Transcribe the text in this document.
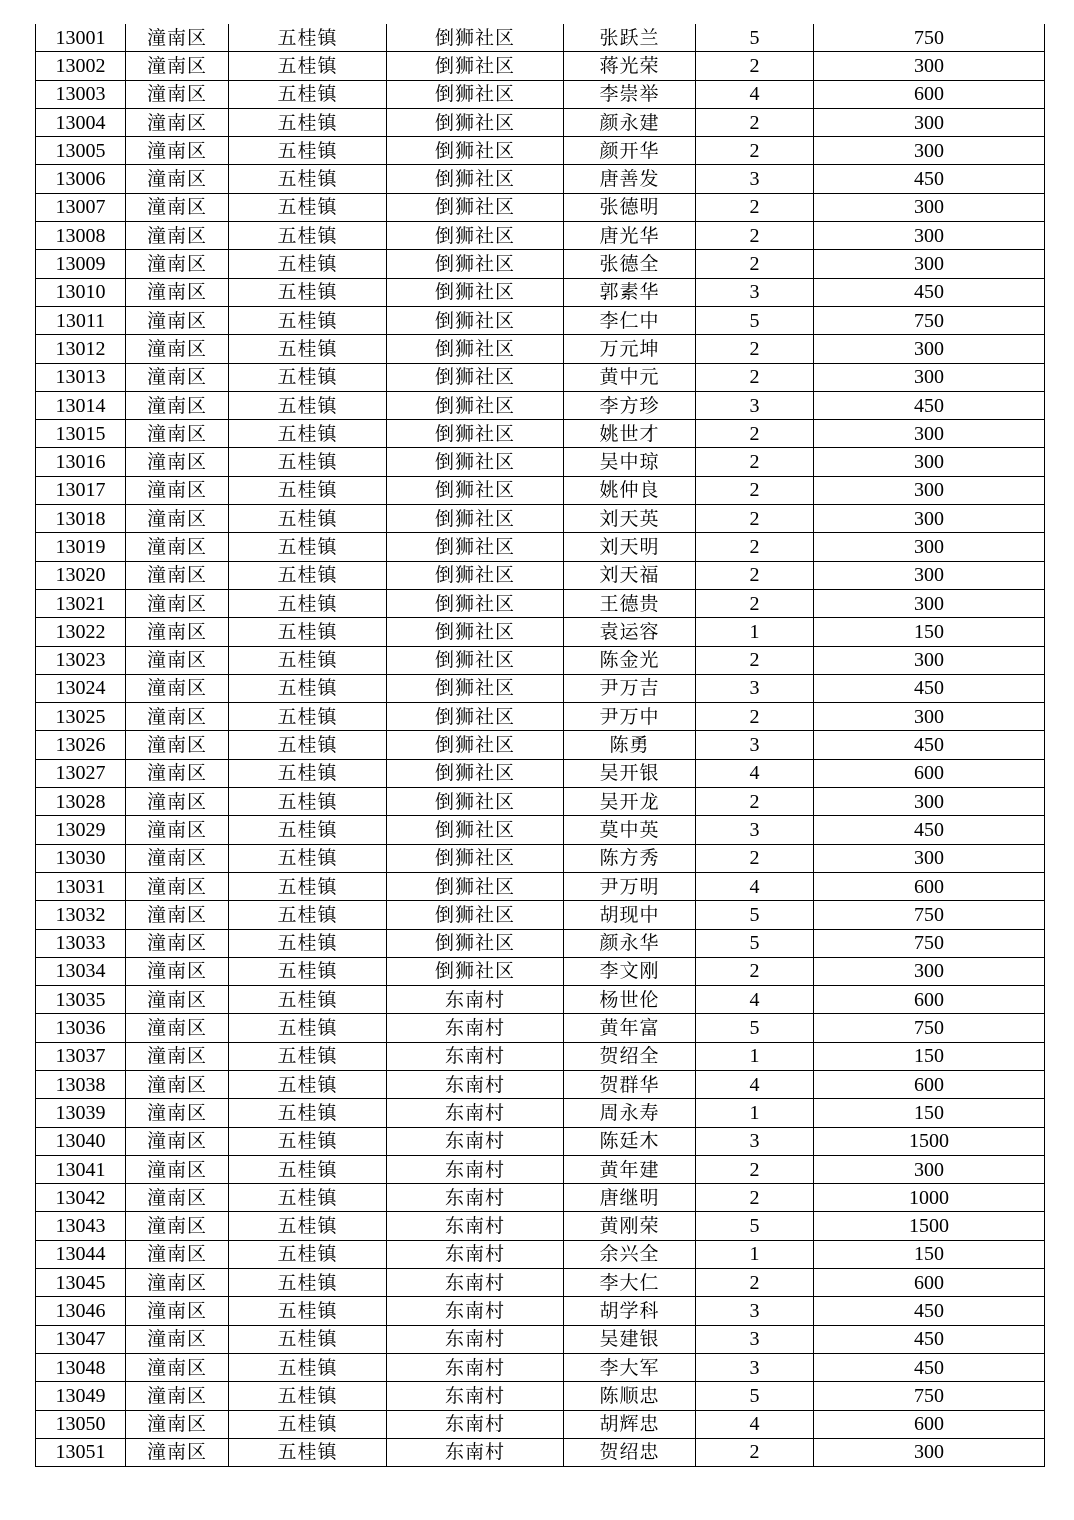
13001	潼南区	五桂镇	倒狮社区	张跃兰	5	750
13002	潼南区	五桂镇	倒狮社区	蒋光荣	2	300
13003	潼南区	五桂镇	倒狮社区	李崇举	4	600
13004	潼南区	五桂镇	倒狮社区	颜永建	2	300
13005	潼南区	五桂镇	倒狮社区	颜开华	2	300
13006	潼南区	五桂镇	倒狮社区	唐善发	3	450
13007	潼南区	五桂镇	倒狮社区	张德明	2	300
13008	潼南区	五桂镇	倒狮社区	唐光华	2	300
13009	潼南区	五桂镇	倒狮社区	张德全	2	300
13010	潼南区	五桂镇	倒狮社区	郭素华	3	450
13011	潼南区	五桂镇	倒狮社区	李仁中	5	750
13012	潼南区	五桂镇	倒狮社区	万元坤	2	300
13013	潼南区	五桂镇	倒狮社区	黄中元	2	300
13014	潼南区	五桂镇	倒狮社区	李方珍	3	450
13015	潼南区	五桂镇	倒狮社区	姚世才	2	300
13016	潼南区	五桂镇	倒狮社区	吴中琼	2	300
13017	潼南区	五桂镇	倒狮社区	姚仲良	2	300
13018	潼南区	五桂镇	倒狮社区	刘天英	2	300
13019	潼南区	五桂镇	倒狮社区	刘天明	2	300
13020	潼南区	五桂镇	倒狮社区	刘天福	2	300
13021	潼南区	五桂镇	倒狮社区	王德贵	2	300
13022	潼南区	五桂镇	倒狮社区	袁运容	1	150
13023	潼南区	五桂镇	倒狮社区	陈金光	2	300
13024	潼南区	五桂镇	倒狮社区	尹万吉	3	450
13025	潼南区	五桂镇	倒狮社区	尹万中	2	300
13026	潼南区	五桂镇	倒狮社区	陈勇	3	450
13027	潼南区	五桂镇	倒狮社区	吴开银	4	600
13028	潼南区	五桂镇	倒狮社区	吴开龙	2	300
13029	潼南区	五桂镇	倒狮社区	莫中英	3	450
13030	潼南区	五桂镇	倒狮社区	陈方秀	2	300
13031	潼南区	五桂镇	倒狮社区	尹万明	4	600
13032	潼南区	五桂镇	倒狮社区	胡现中	5	750
13033	潼南区	五桂镇	倒狮社区	颜永华	5	750
13034	潼南区	五桂镇	倒狮社区	李文刚	2	300
13035	潼南区	五桂镇	东南村	杨世伦	4	600
13036	潼南区	五桂镇	东南村	黄年富	5	750
13037	潼南区	五桂镇	东南村	贺绍全	1	150
13038	潼南区	五桂镇	东南村	贺群华	4	600
13039	潼南区	五桂镇	东南村	周永寿	1	150
13040	潼南区	五桂镇	东南村	陈廷木	3	1500
13041	潼南区	五桂镇	东南村	黄年建	2	300
13042	潼南区	五桂镇	东南村	唐继明	2	1000
13043	潼南区	五桂镇	东南村	黄刚荣	5	1500
13044	潼南区	五桂镇	东南村	余兴全	1	150
13045	潼南区	五桂镇	东南村	李大仁	2	600
13046	潼南区	五桂镇	东南村	胡学科	3	450
13047	潼南区	五桂镇	东南村	吴建银	3	450
13048	潼南区	五桂镇	东南村	李大军	3	450
13049	潼南区	五桂镇	东南村	陈顺忠	5	750
13050	潼南区	五桂镇	东南村	胡辉忠	4	600
13051	潼南区	五桂镇	东南村	贺绍忠	2	300
